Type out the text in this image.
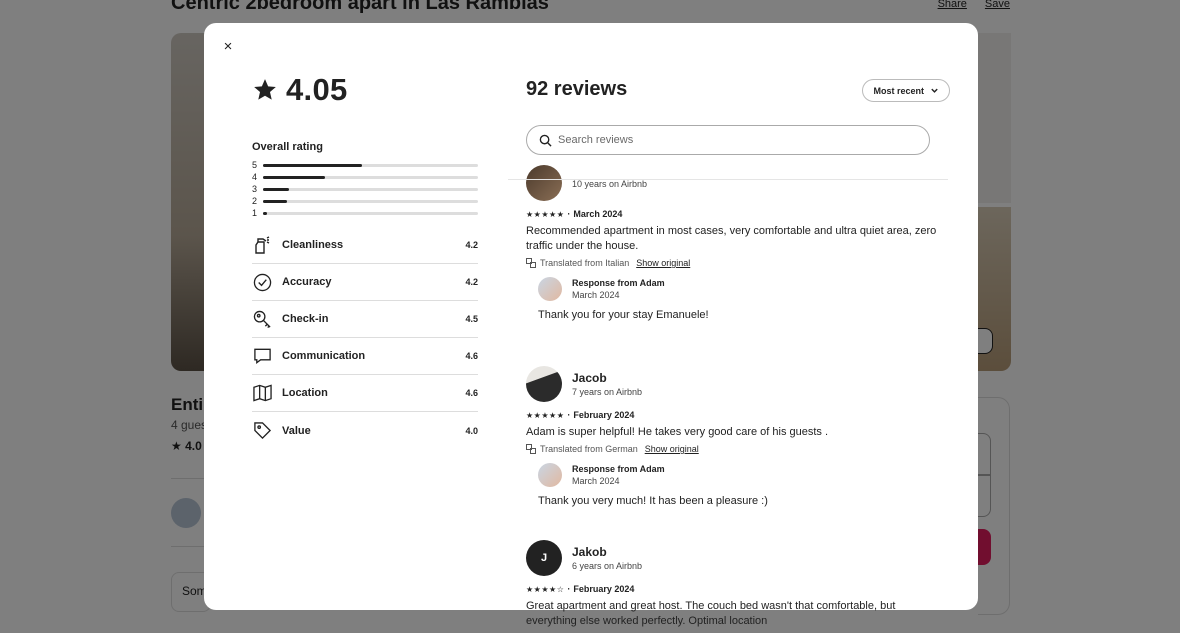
×
4.05
Overall rating
5
4
3
2
1
Cleanliness	4.2
Accuracy	4.2
Check-in	4.5
Communication	4.6
Location	4.6
Value	4.0
92 reviews	Most recent
Search reviews
10 years on Airbnb
★★★★★ · March 2024
Recommended apartment in most cases, very comfortable and ultra quiet area, zero traffic under the house.
Translated from Italian Show original
Response from Adam
March 2024
Thank you for your stay Emanuele!
Jacob
7 years on Airbnb
★★★★★ · February 2024
Adam is super helpful! He takes very good care of his guests .
Translated from German Show original
Response from Adam
March 2024
Thank you very much! It has been a pleasure :)
J Jakob
6 years on Airbnb
★★★★☆ · February 2024
Great apartment and great host. The couch bed wasn't that comfortable, but everything else worked perfectly. Optimal location
